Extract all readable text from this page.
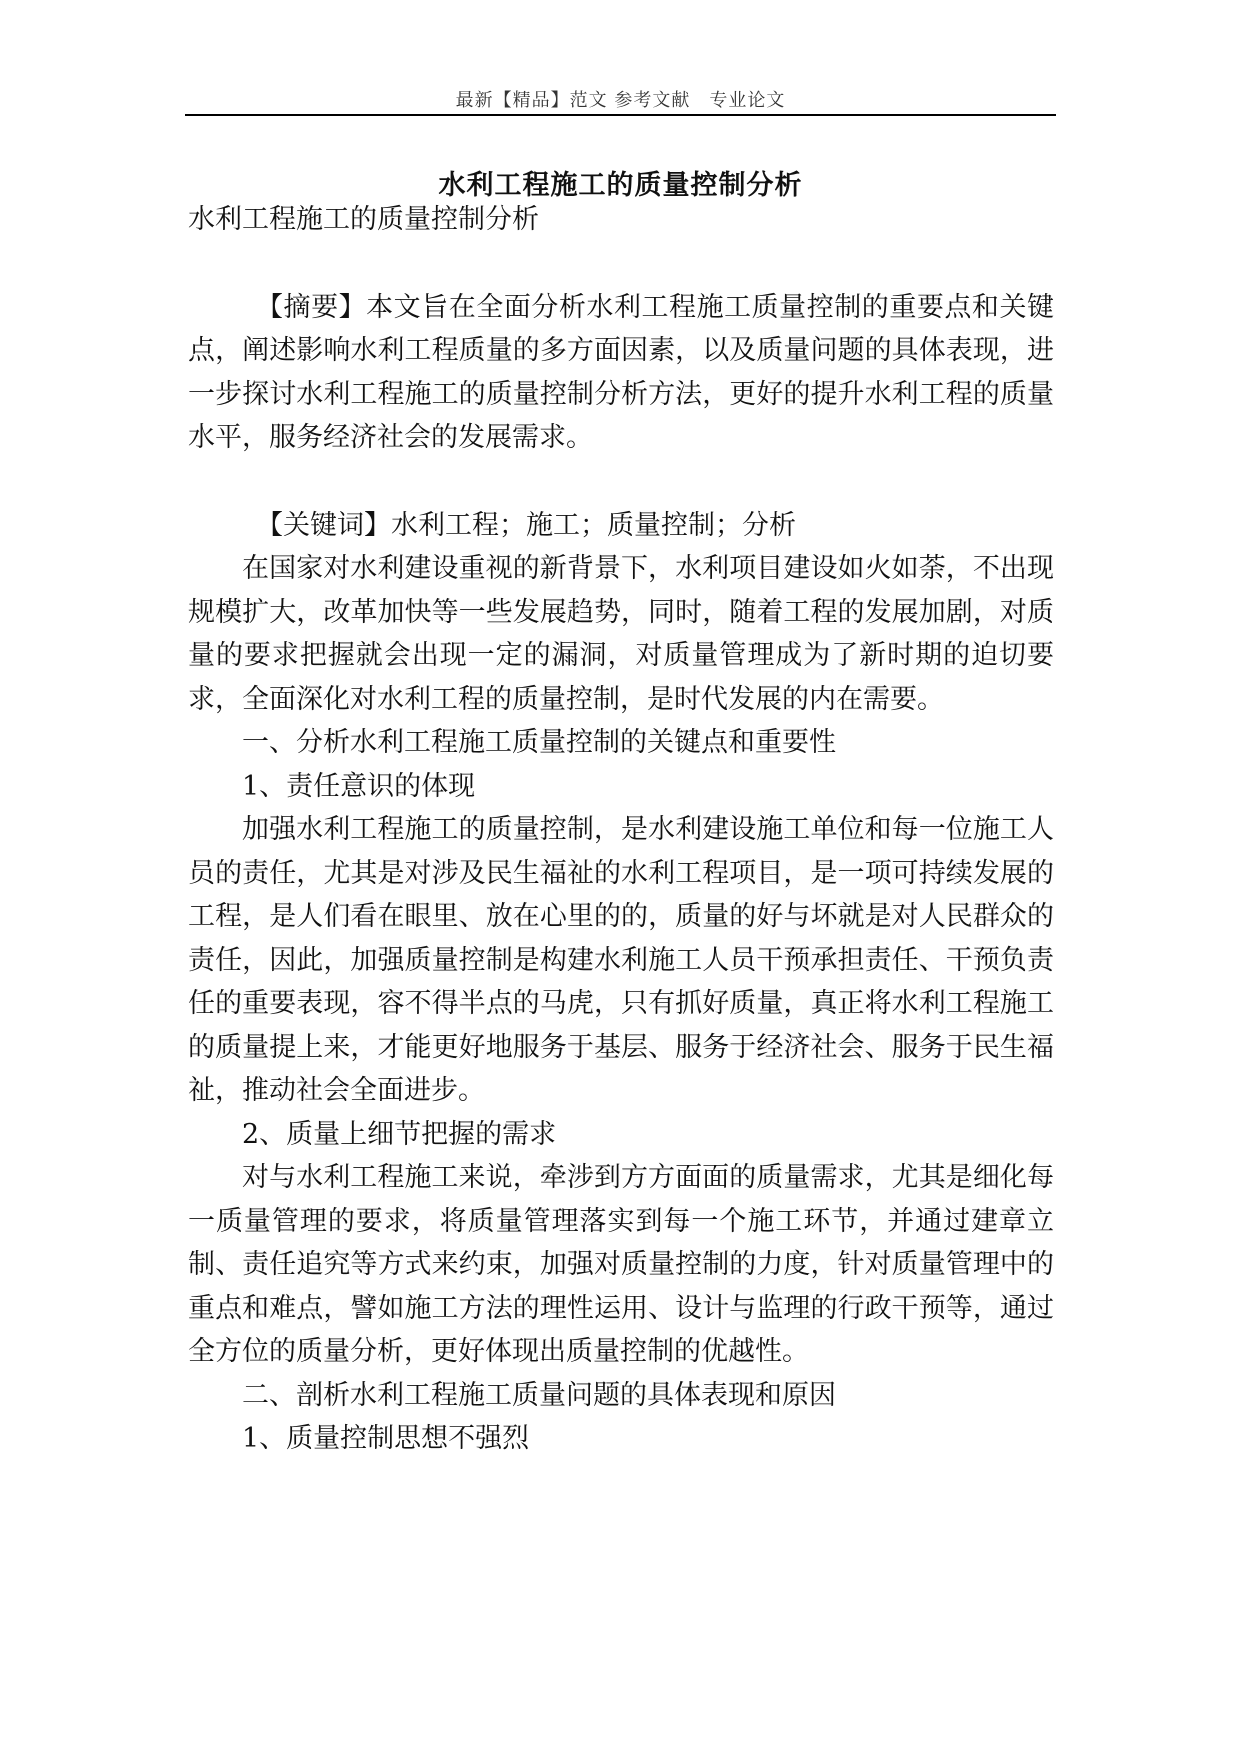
最新【精品】范文 参考文献　专业论文
水利工程施工的质量控制分析

水利工程施工的质量控制分析

【摘要】本文旨在全面分析水利工程施工质量控制的重要点和关键点，阐述影响水利工程质量的多方面因素，以及质量问题的具体表现，进一步探讨水利工程施工的质量控制分析方法，更好的提升水利工程的质量水平，服务经济社会的发展需求。

【关键词】水利工程；施工；质量控制；分析

在国家对水利建设重视的新背景下，水利项目建设如火如荼，不出现规模扩大，改革加快等一些发展趋势，同时，随着工程的发展加剧，对质量的要求把握就会出现一定的漏洞，对质量管理成为了新时期的迫切要求，全面深化对水利工程的质量控制，是时代发展的内在需要。

一、分析水利工程施工质量控制的关键点和重要性

1、责任意识的体现

加强水利工程施工的质量控制，是水利建设施工单位和每一位施工人员的责任，尤其是对涉及民生福祉的水利工程项目，是一项可持续发展的工程，是人们看在眼里、放在心里的的，质量的好与坏就是对人民群众的责任，因此，加强质量控制是构建水利施工人员干预承担责任、干预负责任的重要表现，容不得半点的马虎，只有抓好质量，真正将水利工程施工的质量提上来，才能更好地服务于基层、服务于经济社会、服务于民生福祉，推动社会全面进步。

2、质量上细节把握的需求

对与水利工程施工来说，牵涉到方方面面的质量需求，尤其是细化每一质量管理的要求，将质量管理落实到每一个施工环节，并通过建章立制、责任追究等方式来约束，加强对质量控制的力度，针对质量管理中的重点和难点，譬如施工方法的理性运用、设计与监理的行政干预等，通过全方位的质量分析，更好体现出质量控制的优越性。

二、剖析水利工程施工质量问题的具体表现和原因

1、质量控制思想不强烈
